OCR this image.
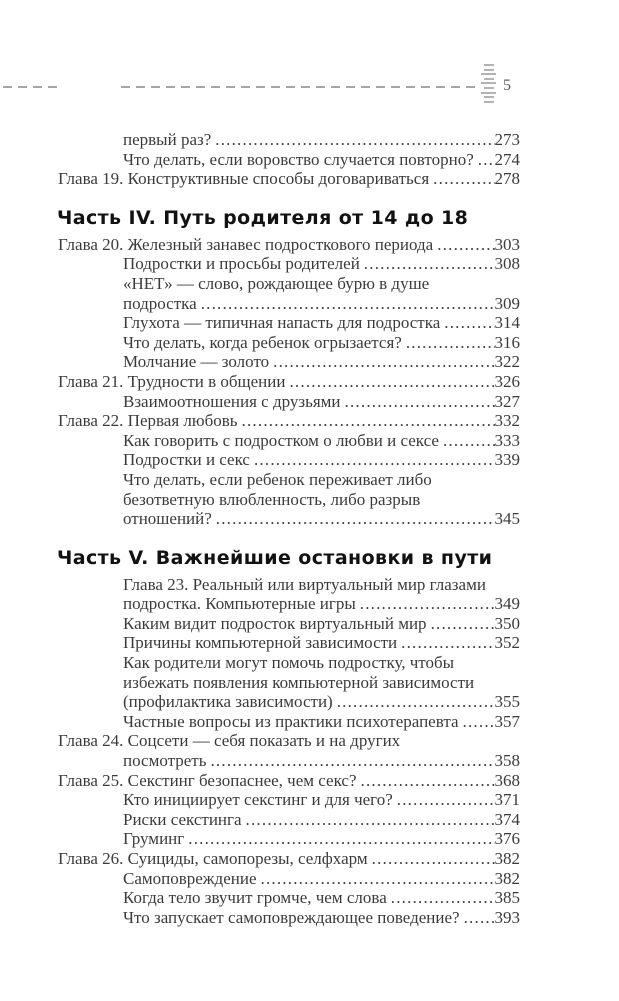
5
первый раз? .....	273
Что делать, если воровство случается повторно? ..... 274
Глава 19. Конструктивные способы договариваться .....	278
Часть IV. Путь родителя от 14 до 18
Глава 20. Железный занавес подросткового периода .....	303
Подростки и просьбы родителей .....	308
«НЕТ» — слово, рождающее бурю в душе
подростка .....	309
Глухота — типичная напасть для подростка .....	314
Что делать, когда ребенок огрызается? .....	316
Молчание — золото .....	322
Глава 21. Трудности в общении .....	326
Взаимоотношения с друзьями .....	327
Глава 22. Первая любовь .....	332
Как говорить с подростком о любви и сексе .....	333
Подростки и секс .....	339
Что делать, если ребенок переживает либо
безответную влюбленность, либо разрыв
отношений? .....	345
Часть V. Важнейшие остановки в пути
Глава 23. Реальный или виртуальный мир глазами
подростка. Компьютерные игры .....	349
Каким видит подросток виртуальный мир .....	350
Причины компьютерной зависимости .....	352
Как родители могут помочь подростку, чтобы
избежать появления компьютерной зависимости
(профилактика зависимости) .....	355
Частные вопросы из практики психотерапевта ..... 357
Глава 24. Соцсети — себя показать и на других
посмотреть .....	358
Глава 25. Секстинг безопаснее, чем секс? .....	368
Кто инициирует секстинг и для чего? .....	371
Риски секстинга .....	374
Груминг .....	376
Глава 26. Суициды, самопорезы, селфхарм .....	382
Самоповреждение .....	382
Когда тело звучит громче, чем слова .....	385
Что запускает самоповреждающее поведение? ..... 393
